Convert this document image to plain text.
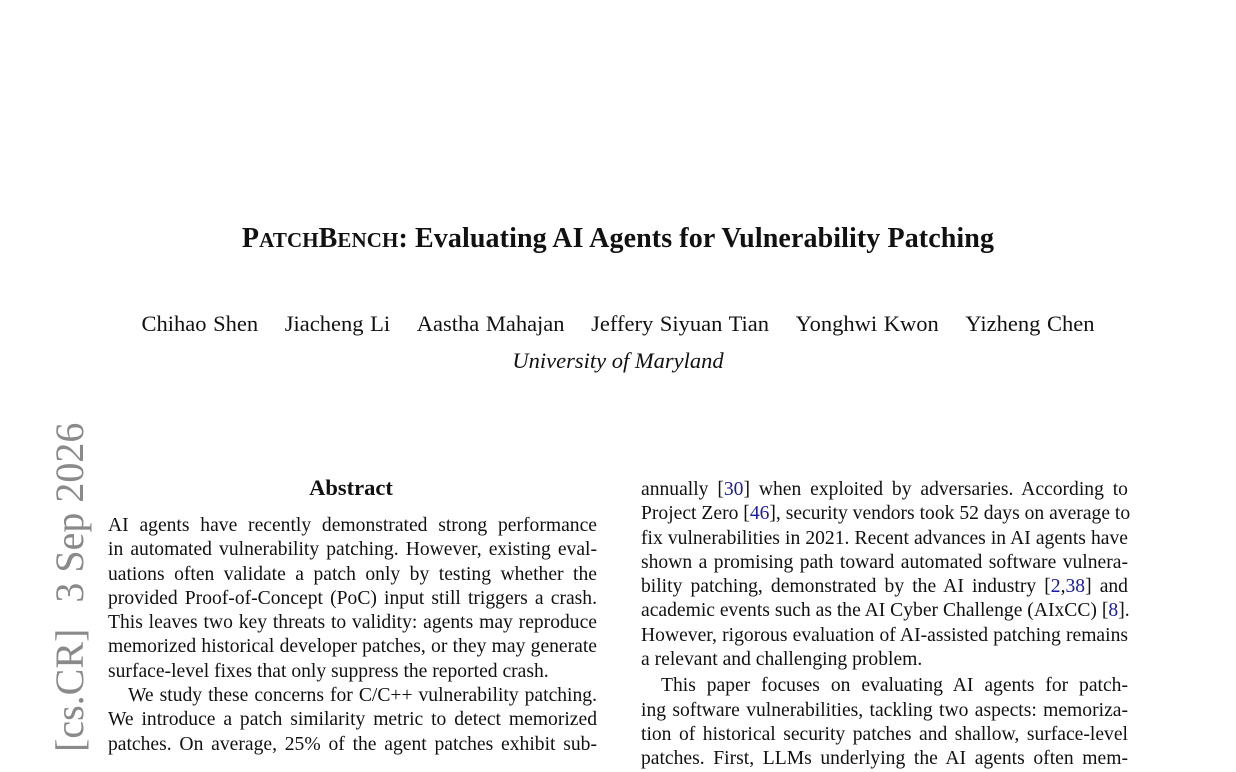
PATCHBENCH: Evaluating AI Agents for Vulnerability Patching
Chihao Shen Jiacheng Li Aastha Mahajan Jeffery Siyuan Tian Yonghwi Kwon Yizheng Chen
University of Maryland
[cs.CR]3 Sep 2026	Abstract
AI agents have recently demonstrated strong performance
in automated vulnerability patching. However, existing eval-
uations often validate a patch only by testing whether the
provided Proof-of-Concept (PoC) input still triggers a crash.
This leaves two key threats to validity: agents may reproduce
memorized historical developer patches, or they may generate
surface-level fixes that only suppress the reported crash.
We study these concerns for C/C++ vulnerability patching.
We introduce a patch similarity metric to detect memorized
patches. On average, 25% of the agent patches exhibit sub-
annually [30] when exploited by adversaries. According to
Project Zero [46], security vendors took 52 days on average to
fix vulnerabilities in 2021. Recent advances in AI agents have
shown a promising path toward automated software vulnera-
bility patching, demonstrated by the AI industry [2,38] and
academic events such as the AI Cyber Challenge (AIxCC) [8].
However, rigorous evaluation of AI-assisted patching remains
a relevant and challenging problem.
This paper focuses on evaluating AI agents for patch-
ing software vulnerabilities, tackling two aspects: memoriza-
tion of historical security patches and shallow, surface-level
patches. First, LLMs underlying the AI agents often mem-
